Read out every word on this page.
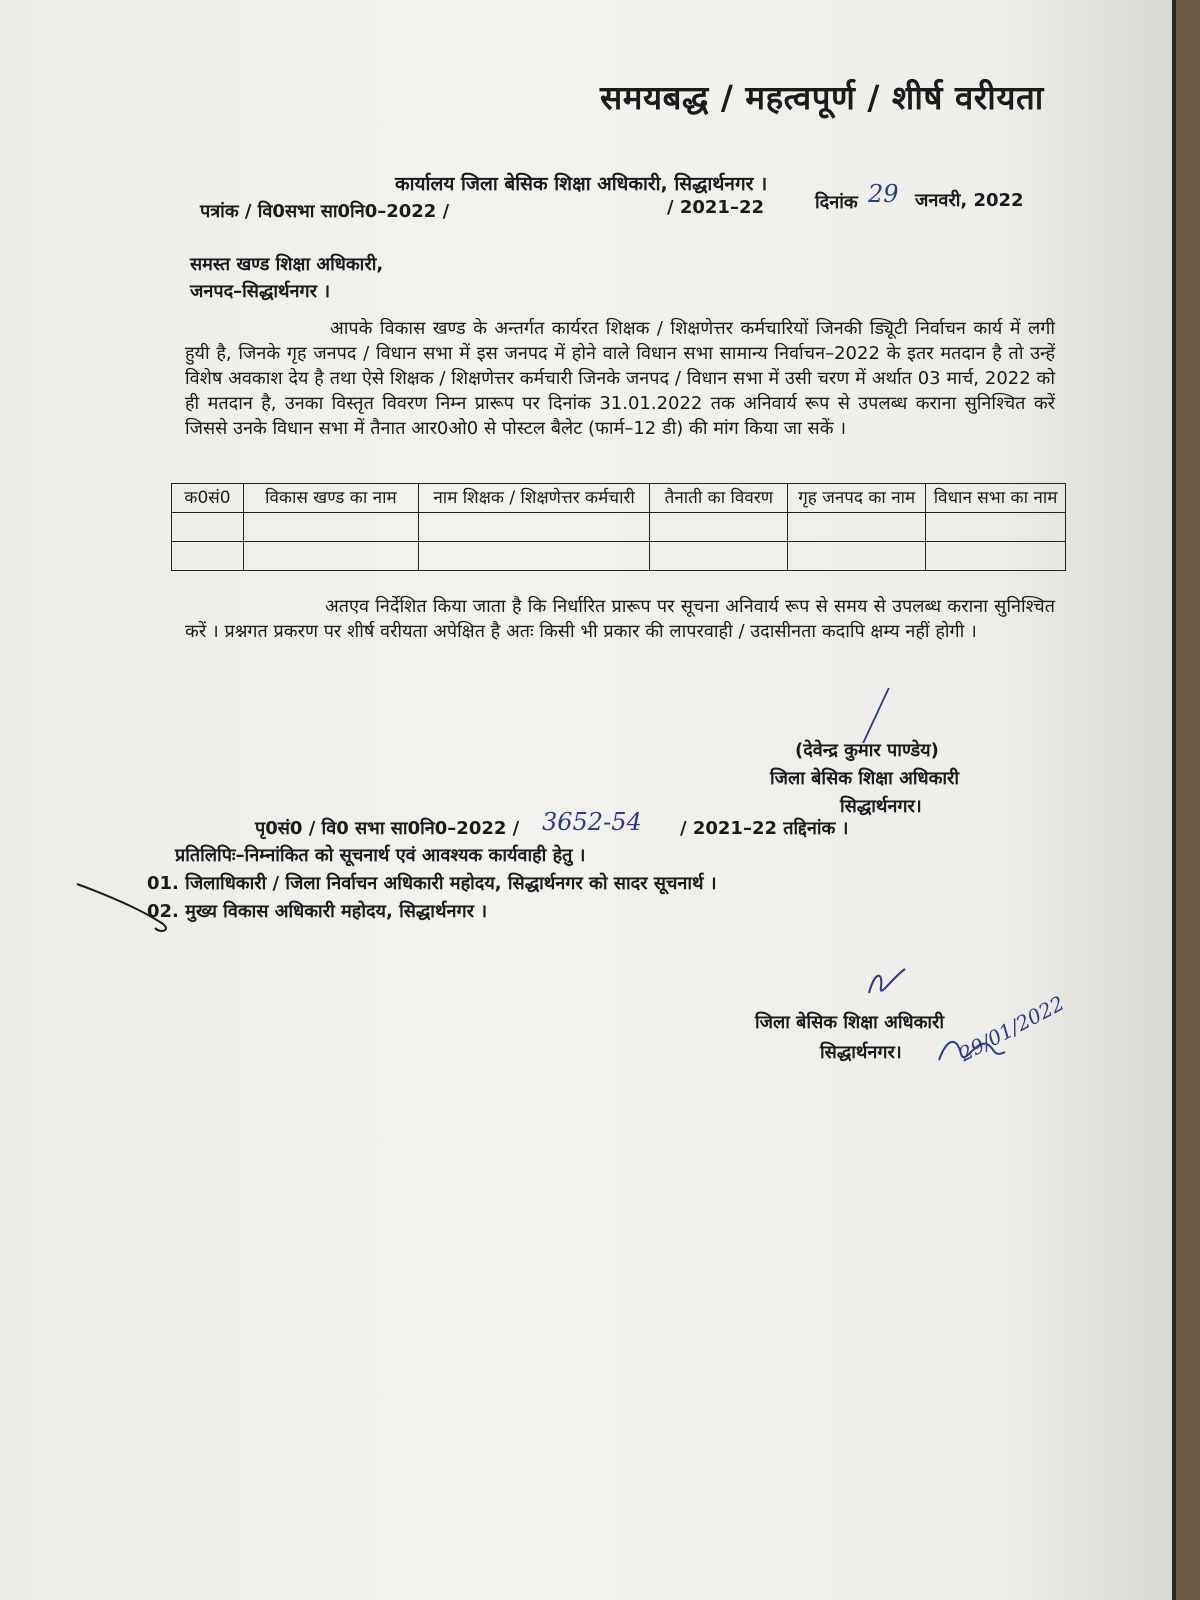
समयबद्ध / महत्वपूर्ण / शीर्ष वरीयता
कार्यालय जिला बेसिक शिक्षा अधिकारी, सिद्धार्थनगर ।
पत्रांक / वि0सभा सा0नि0–2022 /	/ 2021–22	दिनांक 29 जनवरी, 2022
समस्त खण्ड शिक्षा अधिकारी,
जनपद–सिद्धार्थनगर ।
आपके विकास खण्ड के अन्तर्गत कार्यरत शिक्षक / शिक्षणेत्तर कर्मचारियों जिनकी ड्यिूटी निर्वाचन कार्य में लगी हुयी है, जिनके गृह जनपद / विधान सभा में इस जनपद में होने वाले विधान सभा सामान्य निर्वाचन–2022 के इतर मतदान है तो उन्हें विशेष अवकाश देय है तथा ऐसे शिक्षक / शिक्षणेत्तर कर्मचारी जिनके जनपद / विधान सभा में उसी चरण में अर्थात 03 मार्च, 2022 को ही मतदान है, उनका विस्तृत विवरण निम्न प्रारूप पर दिनांक 31.01.2022 तक अनिवार्य रूप से उपलब्ध कराना सुनिश्चित करें जिससे उनके विधान सभा में तैनात आर0ओ0 से पोस्टल बैलेट (फार्म–12 डी) की मांग किया जा सकें ।
क0सं0	विकास खण्ड का नाम	नाम शिक्षक / शिक्षणेत्तर कर्मचारी	तैनाती का विवरण	गृह जनपद का नाम	विधान सभा का नाम

अतएव निर्देशित किया जाता है कि निर्धारित प्रारूप पर सूचना अनिवार्य रूप से समय से उपलब्ध कराना सुनिश्चित करें । प्रश्नगत प्रकरण पर शीर्ष वरीयता अपेक्षित है अतः किसी भी प्रकार की लापरवाही / उदासीनता कदापि क्षम्य नहीं होगी ।
(देवेन्द्र कुमार पाण्डेय)
जिला बेसिक शिक्षा अधिकारी
सिद्धार्थनगर।
पृ0सं0 / वि0 सभा सा0नि0–2022 / 3652-54 / 2021–22 तद्दिनांक ।
प्रतिलिपिः–निम्नांकित को सूचनार्थ एवं आवश्यक कार्यवाही हेतु ।
01. जिलाधिकारी / जिला निर्वाचन अधिकारी महोदय, सिद्धार्थनगर को सादर सूचनार्थ ।
02. मुख्य विकास अधिकारी महोदय, सिद्धार्थनगर ।
जिला बेसिक शिक्षा अधिकारी
सिद्धार्थनगर।	29/01/2022
